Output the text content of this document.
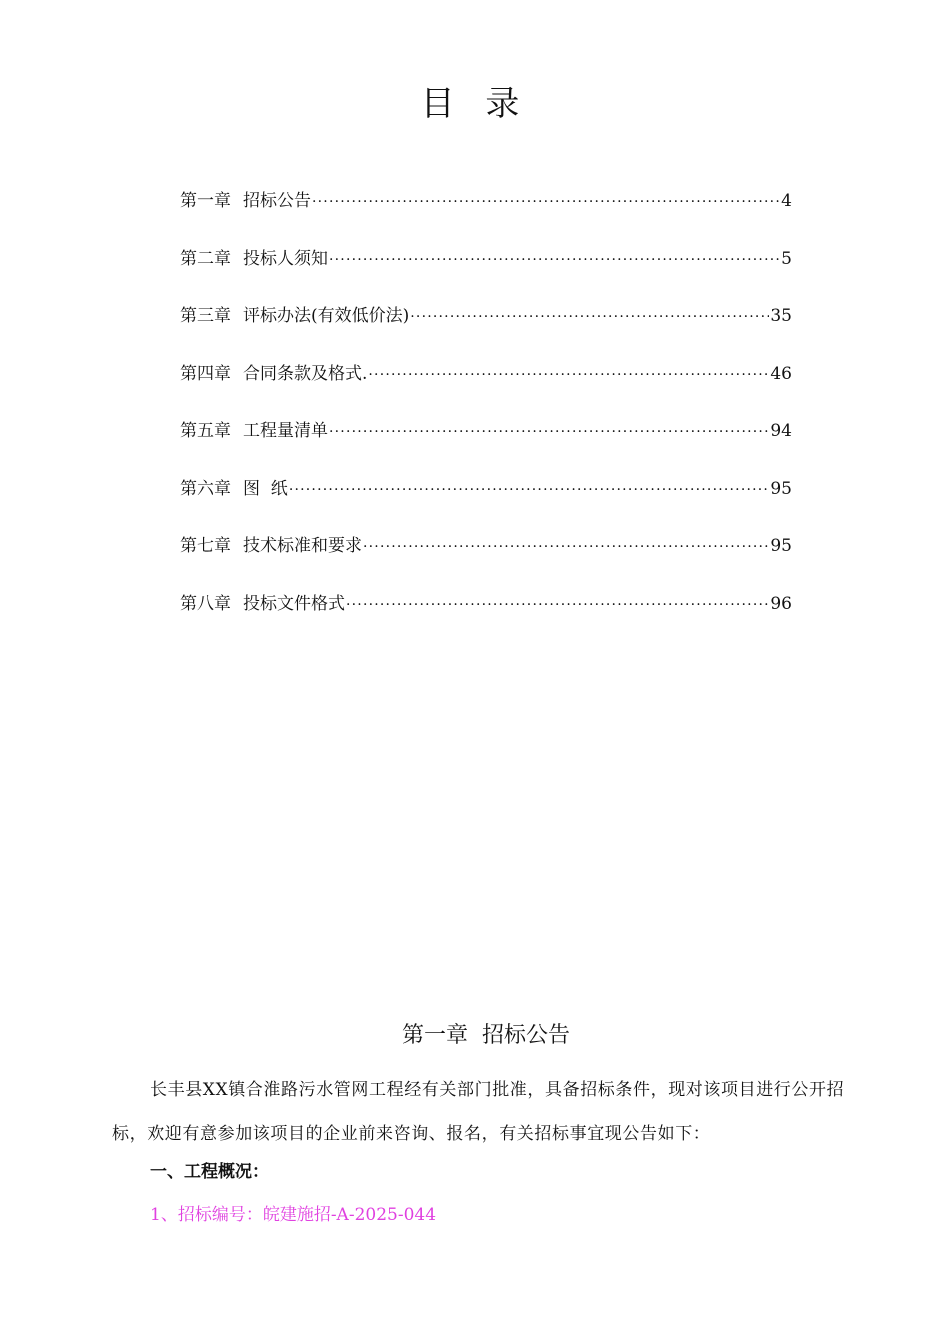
目 录
第一章 招标公告 ·····	4
第二章 投标人须知 ·····	5
第三章 评标办法(有效低价法) ·····	35
第四章 合同条款及格式. ·····	46
第五章 工程量清单 ·····	94
第六章 图  纸 ·····	95
第七章 技术标准和要求 ·····	95
第八章 投标文件格式 ·····	96
第一章  招标公告
长丰县XX镇合淮路污水管网工程经有关部门批准，具备招标条件，现对该项目进行公开招标，欢迎有意参加该项目的企业前来咨询、报名，有关招标事宜现公告如下：
一、工程概况：
1、招标编号：皖建施招-A-2025-044
